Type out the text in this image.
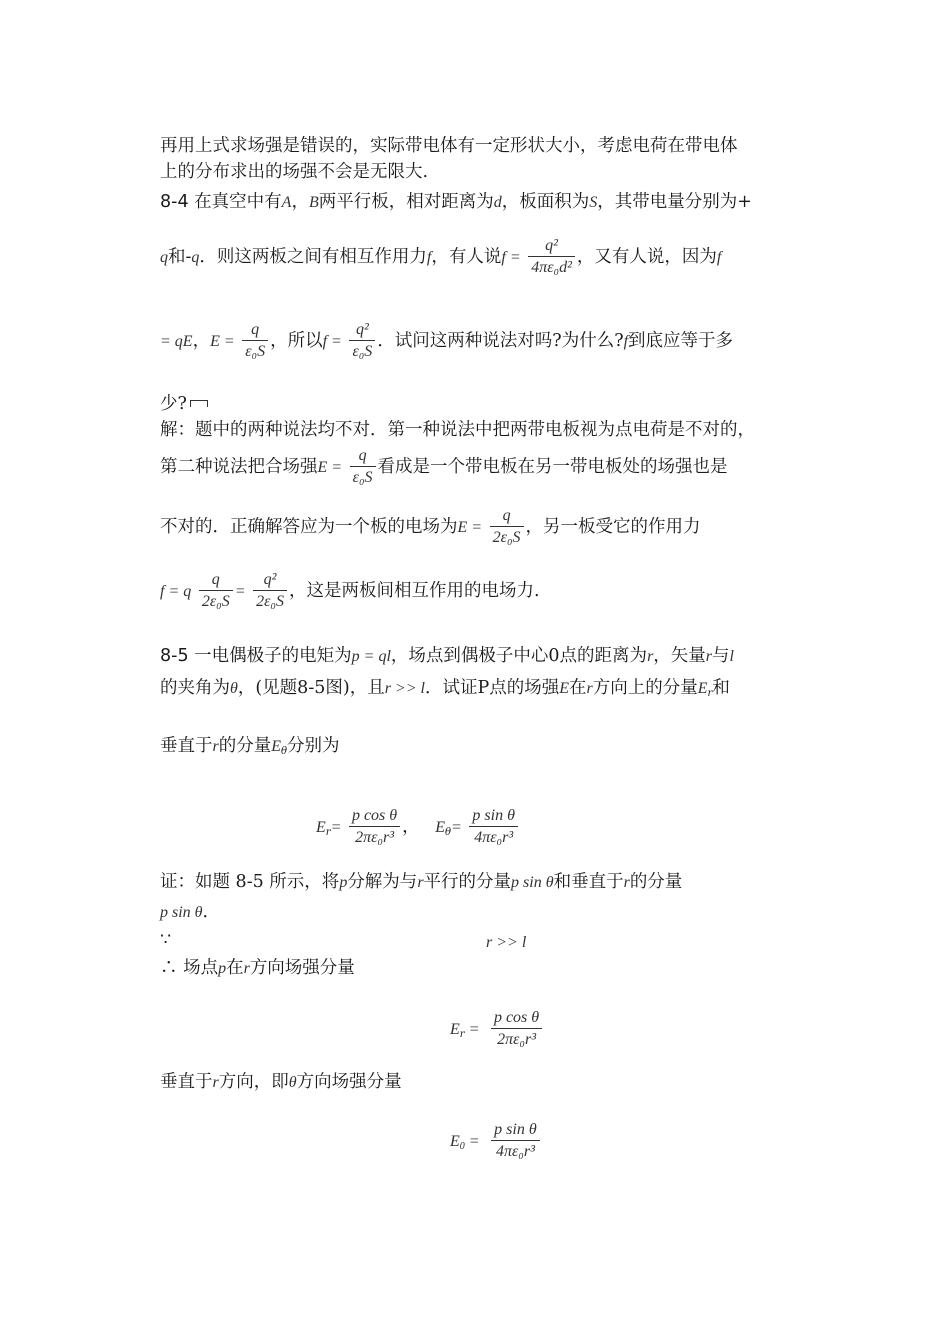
再用上式求场强是错误的，实际带电体有一定形状大小，考虑电荷在带电体
上的分布求出的场强不会是无限大.
8-4 在真空中有A，B两平行板，相对距离为d，板面积为S，其带电量分别为+
q和-q．则这两板之间有相互作用力f，有人说$f = \frac{\text{q²}}{\text{4πε₀d²}}$ ，又有人说，因为f
= qE，$E = \frac{q}{\text{ε₀S}}$ ，所以$f = \frac{\text{q²}}{\text{ε₀S}}$ ．试问这两种说法对吗?为什么?f到底应等于多
少?
解：题中的两种说法均不对．第一种说法中把两带电板视为点电荷是不对的，
第二种说法把合场强$E = \frac{q}{\text{ε₀S}}$ 看成是一个带电板在另一带电板处的场强也是
不对的．正确解答应为一个板的电场为$E = \frac{q}{\text{2ε₀S}}$ ，另一板受它的作用力
f = q $\frac{q}{\text{2ε₀S}} = \frac{\text{q²}}{\text{2ε₀S}}$ ，这是两板间相互作用的电场力.
8-5 一电偶极子的电矩为p = ql，场点到偶极子中心0点的距离为r，矢量r与l
的夹角为θ，(见题8-5图)，且r >> l．试证P点的场强E在r方向上的分量Er和
垂直于r的分量Eθ分别为
$Er= \frac{\text{p cos θ}}{\text{2πε₀r³}}$ ， $E\theta= \frac{\text{p sin θ}}{\text{4πε₀r³}}$
证：如题 8-5 所示，将p分解为与r平行的分量p sin θ和垂直于r的分量
p sin θ．
∵	r >> l
∴ 场点p在r方向场强分量
$Er = \frac{\text{p cos θ}}{\text{2πε₀r³}}$
垂直于r方向，即θ方向场强分量
$E0 = \frac{\text{p sin θ}}{\text{4πε₀r³}}$
